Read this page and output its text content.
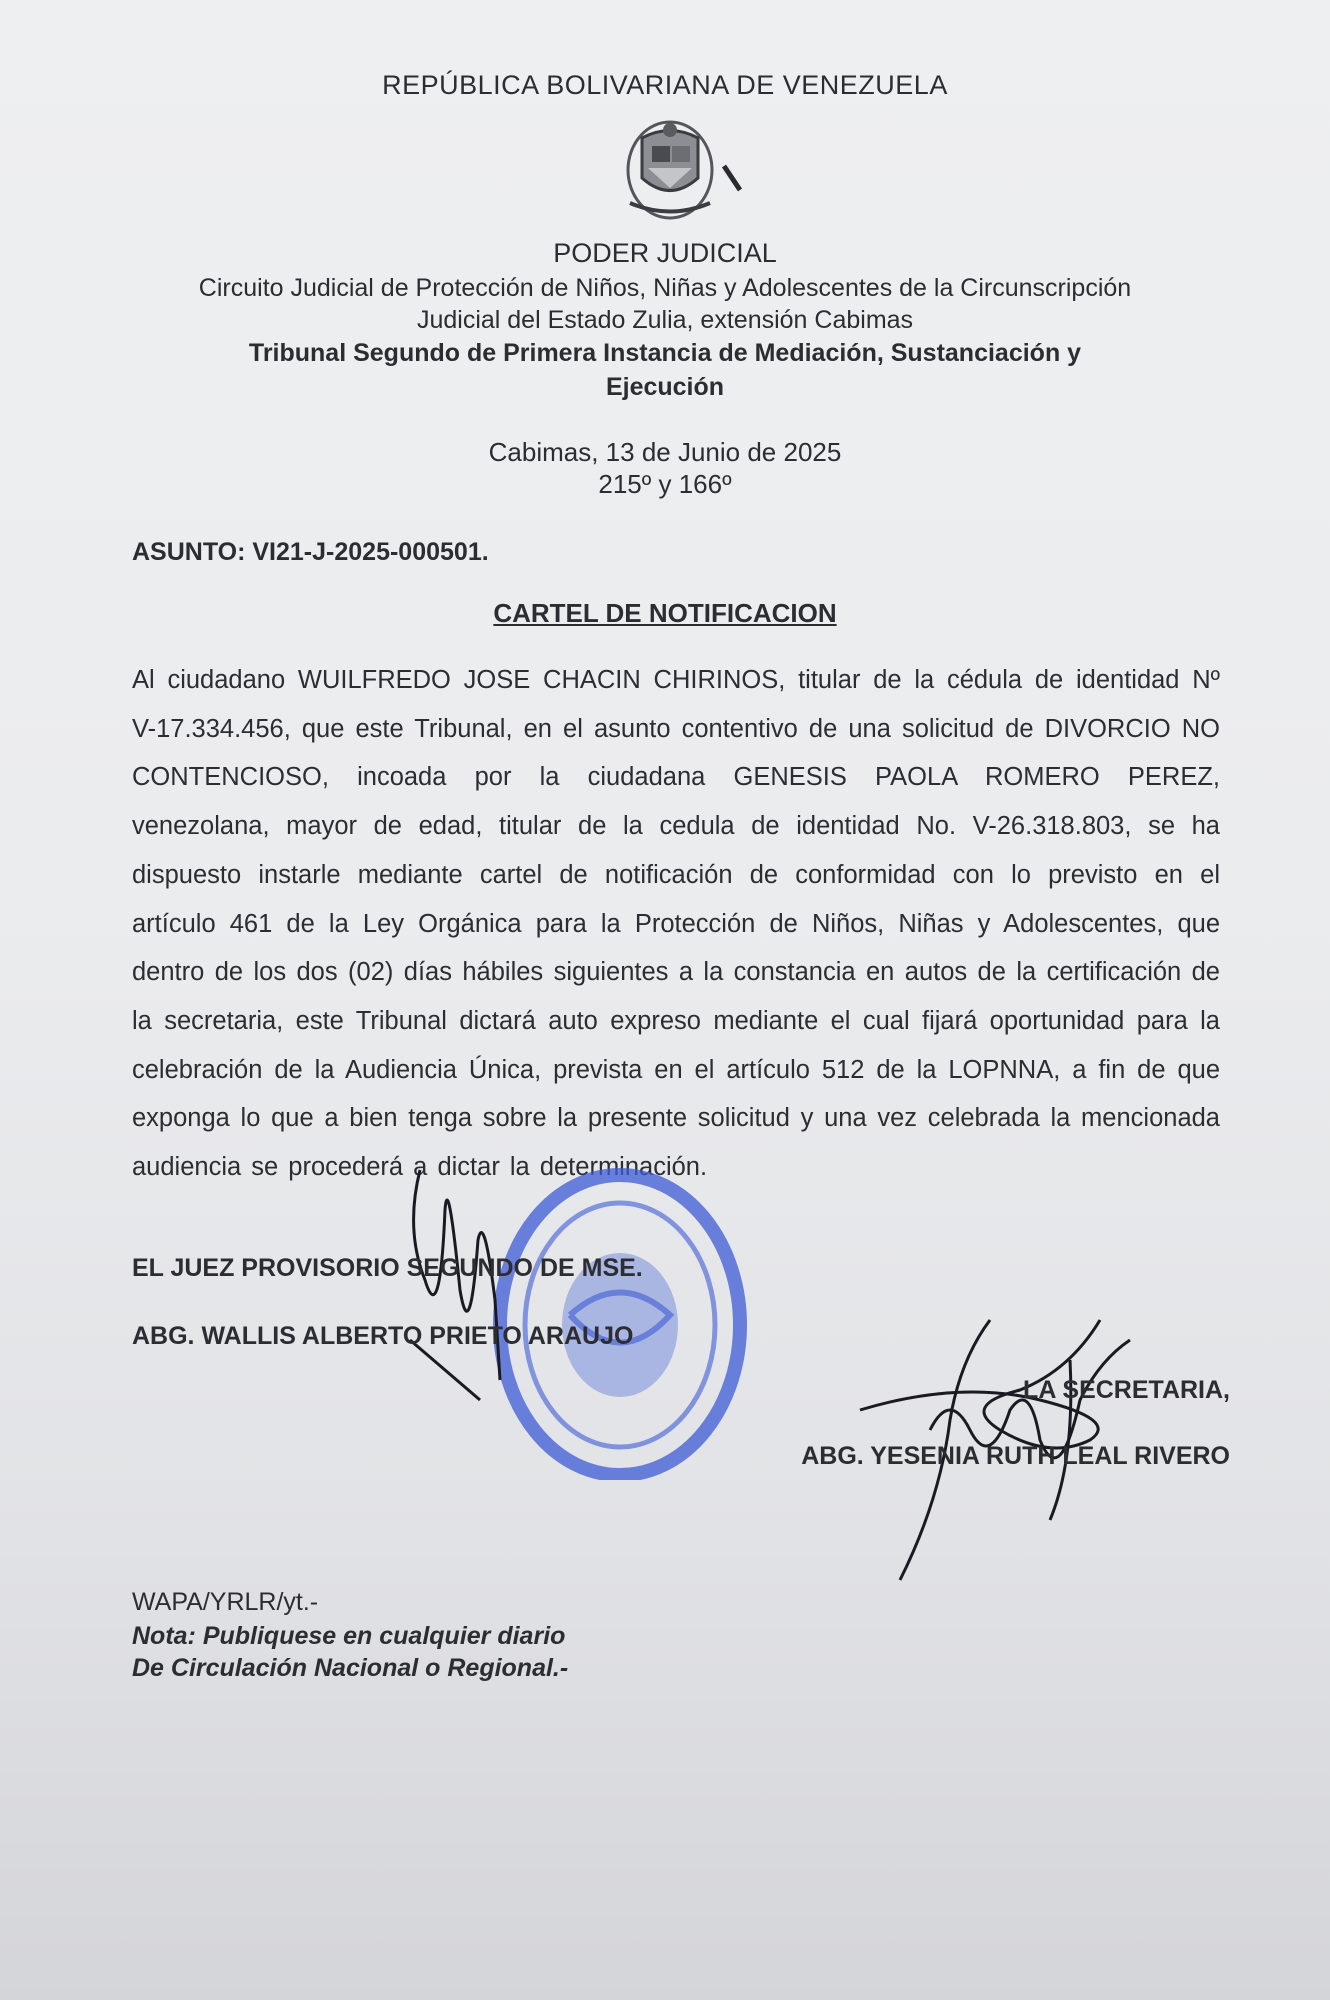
REPÚBLICA BOLIVARIANA DE VENEZUELA
PODER JUDICIAL
Circuito Judicial de Protección de Niños, Niñas y Adolescentes de la Circunscripción
Judicial del Estado Zulia, extensión Cabimas
Tribunal Segundo de Primera Instancia de Mediación, Sustanciación y
Ejecución
Cabimas, 13 de Junio de 2025
215º y 166º
ASUNTO: VI21-J-2025-000501.
CARTEL DE NOTIFICACION
Al ciudadano WUILFREDO JOSE CHACIN CHIRINOS, titular de la cédula de identidad Nº V-17.334.456, que este Tribunal, en el asunto contentivo de una solicitud de DIVORCIO NO CONTENCIOSO, incoada por la ciudadana GENESIS PAOLA ROMERO PEREZ, venezolana, mayor de edad, titular de la cedula de identidad No. V-26.318.803, se ha dispuesto instarle mediante cartel de notificación de conformidad con lo previsto en el artículo 461 de la Ley Orgánica para la Protección de Niños, Niñas y Adolescentes, que dentro de los dos (02) días hábiles siguientes a la constancia en autos de la certificación de la secretaria, este Tribunal dictará auto expreso mediante el cual fijará oportunidad para la celebración de la Audiencia Única, prevista en el artículo 512 de la LOPNNA, a fin de que exponga lo que a bien tenga sobre la presente solicitud y una vez celebrada la mencionada audiencia se procederá a dictar la determinación.
EL JUEZ PROVISORIO SEGUNDO DE MSE.
ABG. WALLIS ALBERTO PRIETO ARAUJO
LA SECRETARIA,
ABG. YESENIA RUTH LEAL RIVERO
WAPA/YRLR/yt.-
Nota: Publiquese en cualquier diario
De Circulación Nacional o Regional.-
